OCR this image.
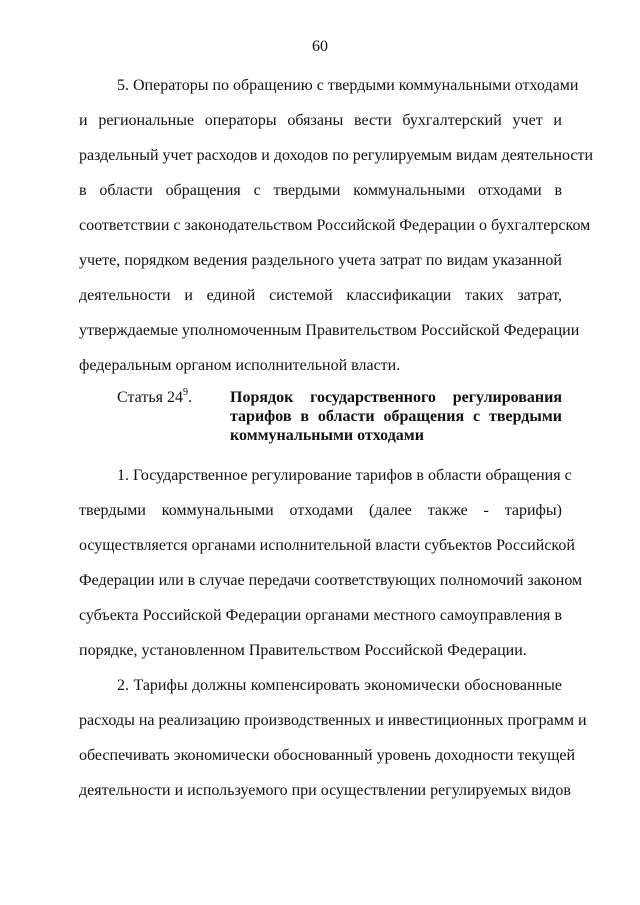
60
5. Операторы по обращению с твердыми коммунальными отходами
и региональные операторы обязаны вести бухгалтерский учет и
раздельный учет расходов и доходов по регулируемым видам деятельности
в области обращения с твердыми коммунальными отходами в
соответствии с законодательством Российской Федерации о бухгалтерском
учете, порядком ведения раздельного учета затрат по видам указанной
деятельности и единой системой классификации таких затрат,
утверждаемые уполномоченным Правительством Российской Федерации
федеральным органом исполнительной власти.
Статья $24^9$. Порядок государственного регулирования
тарифов в области обращения с твердыми
коммунальными отходами
1. Государственное регулирование тарифов в области обращения с
твердыми коммунальными отходами (далее также - тарифы)
осуществляется органами исполнительной власти субъектов Российской
Федерации или в случае передачи соответствующих полномочий законом
субъекта Российской Федерации органами местного самоуправления в
порядке, установленном Правительством Российской Федерации.
2. Тарифы должны компенсировать экономически обоснованные
расходы на реализацию производственных и инвестиционных программ и
обеспечивать экономически обоснованный уровень доходности текущей
деятельности и используемого при осуществлении регулируемых видов
